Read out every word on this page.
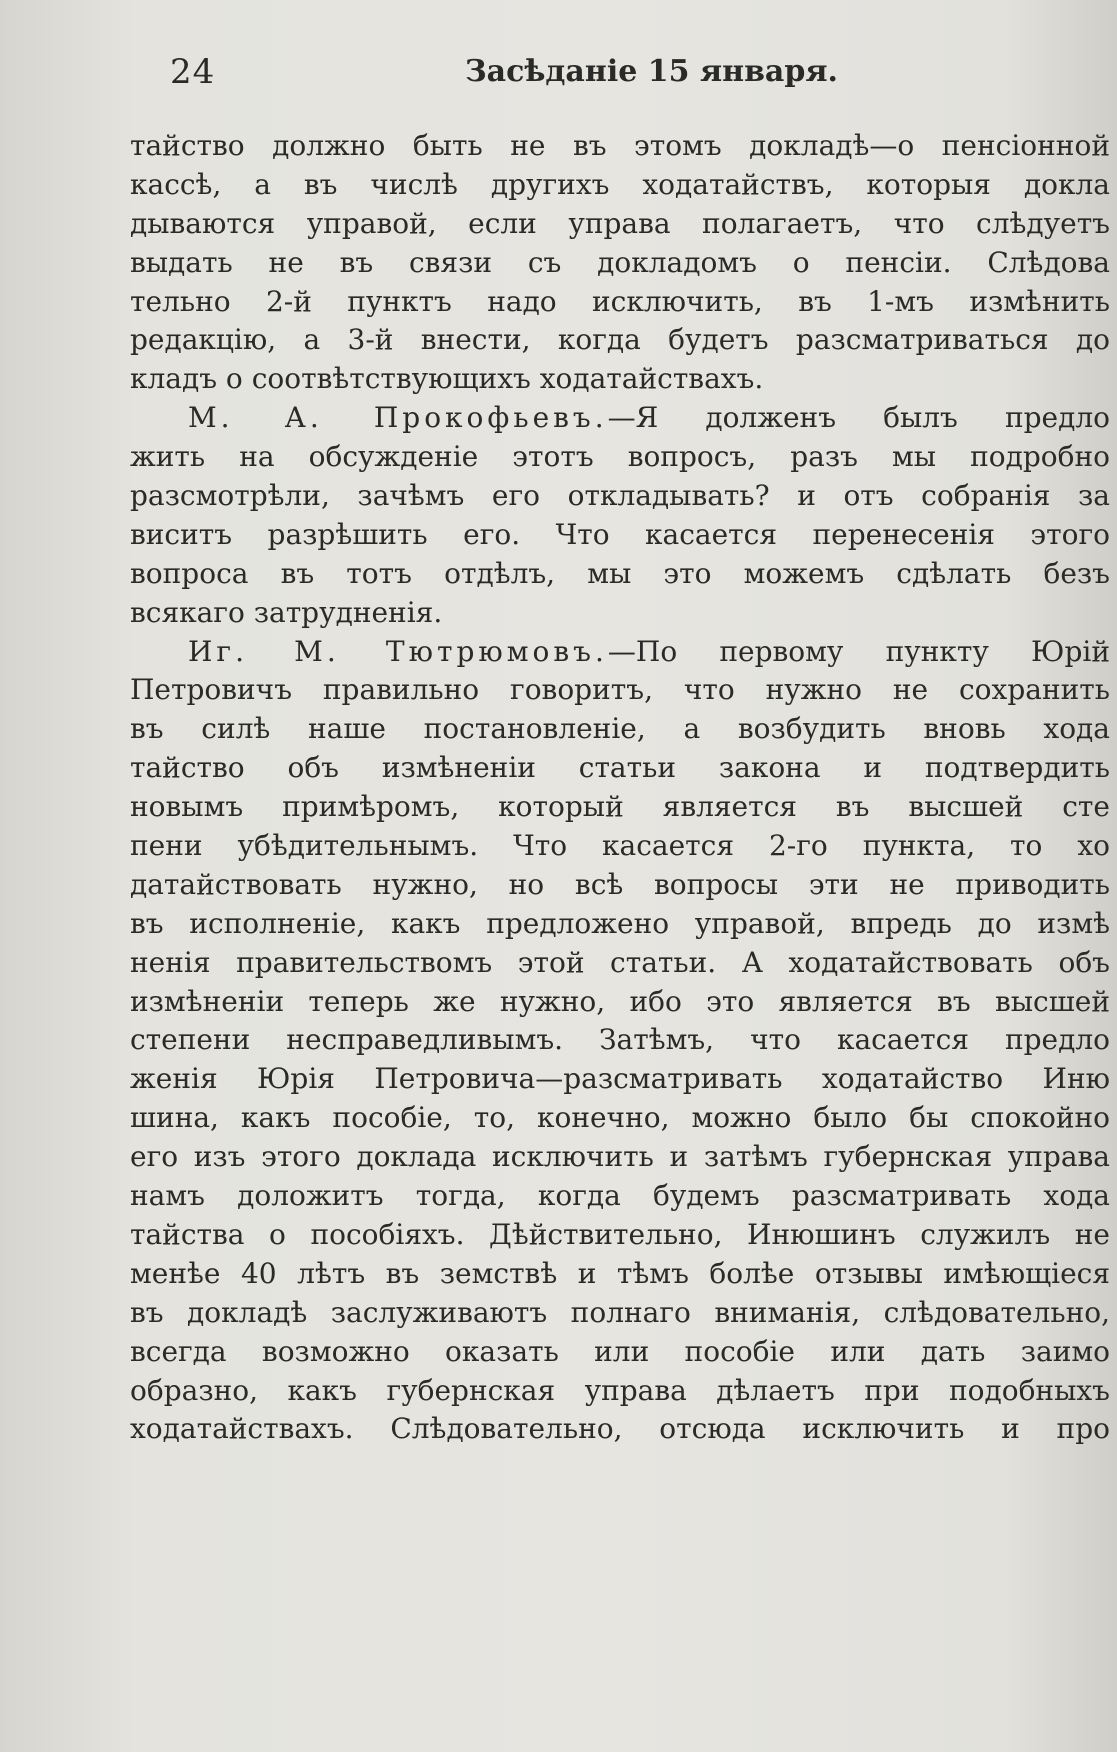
24	Засѣданіе 15 января.
тайство должно быть не въ этомъ докладѣ—о пенсіонной
кассѣ, а въ числѣ другихъ ходатайствъ, которыя докла
дываются управой, если управа полагаетъ, что слѣдуетъ
выдать не въ связи съ докладомъ о пенсіи. Слѣдова
тельно 2-й пунктъ надо исключить, въ 1-мъ измѣнить
редакцію, а 3-й внести, когда будетъ разсматриваться до
кладъ о соотвѣтствующихъ ходатайствахъ.
М. А. Прокофьевъ.—Я долженъ былъ предло
жить на обсужденіе этотъ вопросъ, разъ мы подробно
разсмотрѣли, зачѣмъ его откладывать? и отъ собранія за
виситъ разрѣшить его. Что касается перенесенія этого
вопроса въ тотъ отдѣлъ, мы это можемъ сдѣлать безъ
всякаго затрудненія.
Иг. М. Тютрюмовъ.—По первому пункту Юрій
Петровичъ правильно говоритъ, что нужно не сохранить
въ силѣ наше постановленіе, а возбудить вновь хода
тайство объ измѣненіи статьи закона и подтвердить
новымъ примѣромъ, который является въ высшей сте
пени убѣдительнымъ. Что касается 2-го пункта, то хо
датайствовать нужно, но всѣ вопросы эти не приводить
въ исполненіе, какъ предложено управой, впредь до измѣ
ненія правительствомъ этой статьи. А ходатайствовать объ
измѣненіи теперь же нужно, ибо это является въ высшей
степени несправедливымъ. Затѣмъ, что касается предло
женія Юрія Петровича—разсматривать ходатайство Иню
шина, какъ пособіе, то, конечно, можно было бы спокойно
его изъ этого доклада исключить и затѣмъ губернская управа
намъ доложитъ тогда, когда будемъ разсматривать хода
тайства о пособіяхъ. Дѣйствительно, Инюшинъ служилъ не
менѣе 40 лѣтъ въ земствѣ и тѣмъ болѣе отзывы имѣющіеся
въ докладѣ заслуживаютъ полнаго вниманія, слѣдовательно,
всегда возможно оказать или пособіе или дать заимо
образно, какъ губернская управа дѣлаетъ при подобныхъ
ходатайствахъ. Слѣдовательно, отсюда исключить и про
